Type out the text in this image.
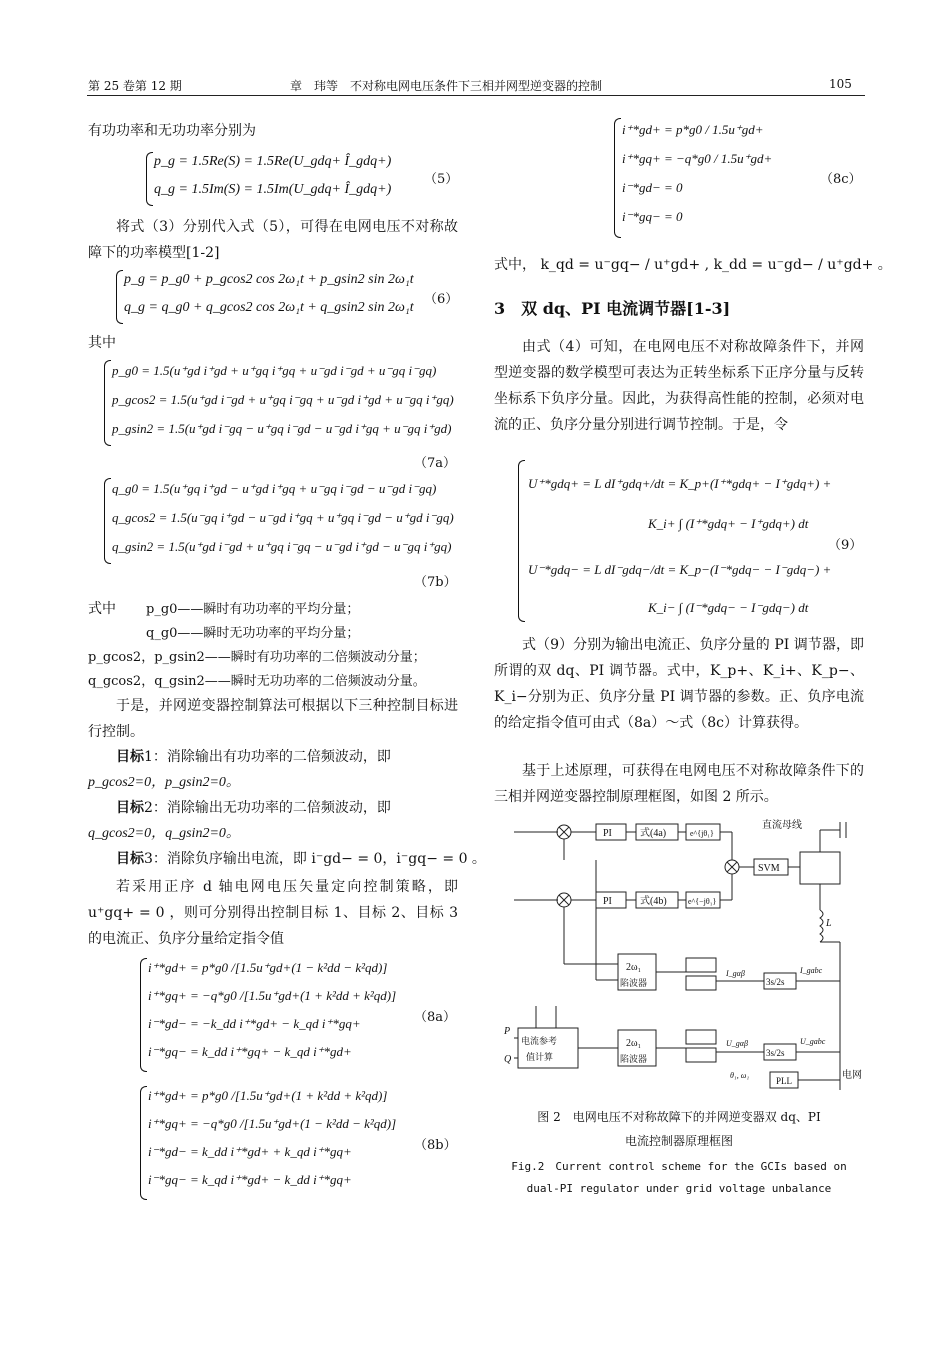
第 25 卷第 12 期	章　玮等　不对称电网电压条件下三相并网型逆变器的控制	105
有功功率和无功功率分别为
p_g = 1.5Re(S) = 1.5Re(U_gdq+ Î_gdq+)
q_g = 1.5Im(S) = 1.5Im(U_gdq+ Î_gdq+)
（5）
将式（3）分别代入式（5），可得在电网电压不对称故障下的功率模型[1-2]
p_g = p_g0 + p_gcos2 cos 2ω₁t + p_gsin2 sin 2ω₁t
q_g = q_g0 + q_gcos2 cos 2ω₁t + q_gsin2 sin 2ω₁t
（6）
其中
p_g0 = 1.5(u⁺gd i⁺gd + u⁺gq i⁺gq + u⁻gd i⁻gd + u⁻gq i⁻gq)
p_gcos2 = 1.5(u⁺gd i⁻gd + u⁺gq i⁻gq + u⁻gd i⁺gd + u⁻gq i⁺gq)
p_gsin2 = 1.5(u⁺gd i⁻gq − u⁺gq i⁻gd − u⁻gd i⁺gq + u⁻gq i⁺gd)
（7a）
q_g0 = 1.5(u⁺gq i⁺gd − u⁺gd i⁺gq + u⁻gq i⁻gd − u⁻gd i⁻gq)
q_gcos2 = 1.5(u⁻gq i⁺gd − u⁻gd i⁺gq + u⁺gq i⁻gd − u⁺gd i⁻gq)
q_gsin2 = 1.5(u⁺gd i⁻gd + u⁺gq i⁻gq − u⁻gd i⁺gd − u⁻gq i⁺gq)
（7b）
式中 p_g0——瞬时有功功率的平均分量；
q_g0——瞬时无功功率的平均分量；
p_gcos2，p_gsin2——瞬时有功功率的二倍频波动分量；
q_gcos2，q_gsin2——瞬时无功功率的二倍频波动分量。
于是，并网逆变器控制算法可根据以下三种控制目标进行控制。
目标1：消除输出有功功率的二倍频波动，即
p_gcos2=0，p_gsin2=0。
目标2：消除输出无功功率的二倍频波动，即
q_gcos2=0，q_gsin2=0。
目标3：消除负序输出电流，即 i⁻gd− = 0，i⁻gq− = 0 。
若采用正序 d 轴电网电压矢量定向控制策略，即 u⁺gq+ = 0 ，则可分别得出控制目标 1、目标 2、目标 3 的电流正、负序分量给定指令值
i⁺*gd+ = p*g0 /[1.5u⁺gd+(1 − k²dd − k²qd)]
i⁺*gq+ = −q*g0 /[1.5u⁺gd+(1 + k²dd + k²qd)]
i⁻*gd− = −k_dd i⁺*gd+ − k_qd i⁺*gq+
i⁻*gq− = k_dd i⁺*gq+ − k_qd i⁺*gd+
（8a）
i⁺*gd+ = p*g0 /[1.5u⁺gd+(1 + k²dd + k²qd)]
i⁺*gq+ = −q*g0 /[1.5u⁺gd+(1 − k²dd − k²qd)]
i⁻*gd− = k_dd i⁺*gd+ + k_qd i⁺*gq+
i⁻*gq− = k_qd i⁺*gd+ − k_dd i⁺*gq+
（8b）
i⁺*gd+ = p*g0 / 1.5u⁺gd+
i⁺*gq+ = −q*g0 / 1.5u⁺gd+
i⁻*gd− = 0
i⁻*gq− = 0
（8c）
式中， k_qd = u⁻gq− / u⁺gd+ , k_dd = u⁻gd− / u⁺gd+ 。
3　双 dq、PI 电流调节器[1-3]
由式（4）可知，在电网电压不对称故障条件下，并网型逆变器的数学模型可表达为正转坐标系下正序分量与反转坐标系下负序分量。因此，为获得高性能的控制，必须对电流的正、负序分量分别进行调节控制。于是，令
U⁺*gdq+ = L dI⁺gdq+/dt = K_p+(I⁺*gdq+ − I⁺gdq+) +
K_i+ ∫ (I⁺*gdq+ − I⁺gdq+) dt
U⁻*gdq− = L dI⁻gdq−/dt = K_p−(I⁻*gdq− − I⁻gdq−) +
K_i− ∫ (I⁻*gdq− − I⁻gdq−) dt
（9）
式（9）分别为输出电流正、负序分量的 PI 调节器，即所谓的双 dq、PI 调节器。式中，K_p+、K_i+、K_p−、K_i−分别为正、负序分量 PI 调节器的参数。正、负序电流的给定指令值可由式（8a）～式（8c）计算获得。
基于上述原理，可获得在电网电压不对称故障条件下的三相并网逆变器控制原理框图，如图 2 所示。
PI	式(4a)	e^{jθ₁}
PI	式(4b)	e^{−jθ₁}
SVM
直流母线
L
2ω₁
陷波器	3s/2s
I_gabc
I_gαβ
电流参考
值计算
P
Q
2ω₁
陷波器
3s/2s
PLL
U_gabc
U_gαβ
θ₁, ω₁	电网
图 2　电网电压不对称故障下的并网逆变器双 dq、PI
电流控制器原理框图
Fig.2　Current control scheme for the GCIs based on
dual-PI regulator under grid voltage unbalance
